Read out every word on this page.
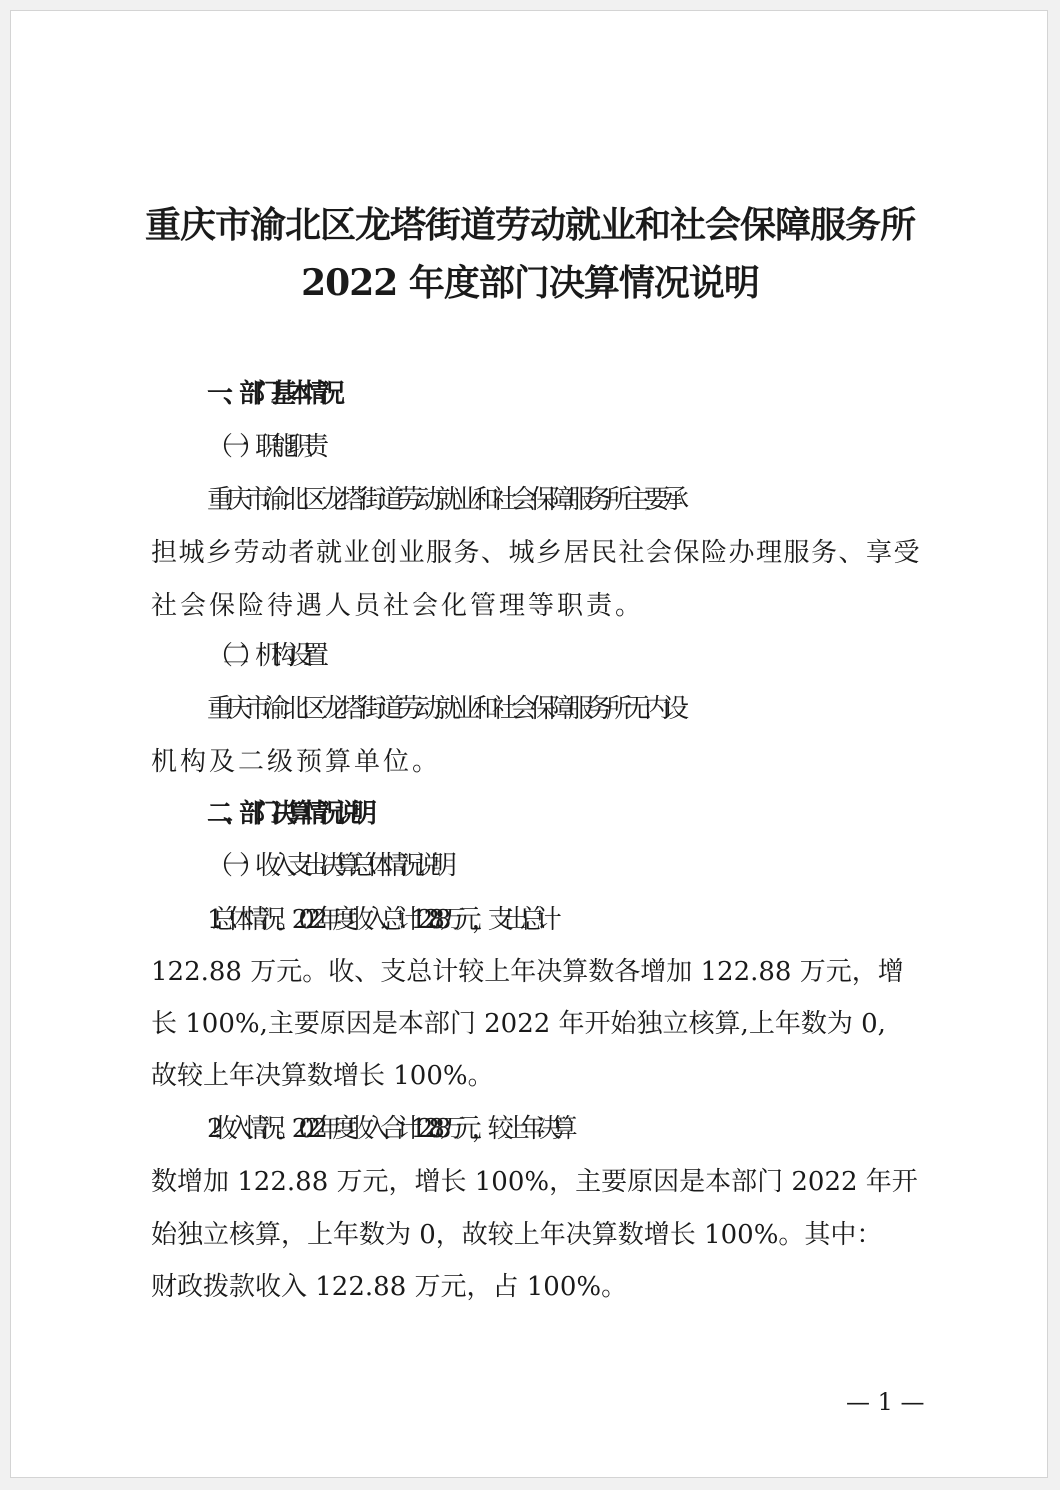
重庆市渝北区龙塔街道劳动就业和社会保障服务所
2022 年度部门决算情况说明

一、部门基本情况

（一）职能职责

重庆市渝北区龙塔街道劳动就业和社会保障服务所主要承

担城乡劳动者就业创业服务、城乡居民社会保险办理服务、享受

社会保险待遇人员社会化管理等职责。

（二）机构设置

重庆市渝北区龙塔街道劳动就业和社会保障服务所无内设

机构及二级预算单位。

二、部门决算情况说明

（一）收入支出决算总体情况说明

1.总体情况。2022 年度收入总计 122.88 万元，支出总计

122.88 万元。收、支总计较上年决算数各增加 122.88 万元，增

长 100%,主要原因是本部门 2022 年开始独立核算,上年数为 0,

故较上年决算数增长 100%。

2.收入情况。2022 年度收入合计 122.88 万元，较上年决算

数增加 122.88 万元，增长 100%，主要原因是本部门 2022 年开

始独立核算，上年数为 0，故较上年决算数增长 100%。其中：

财政拨款收入 122.88 万元，占 100%。

— 1 —
